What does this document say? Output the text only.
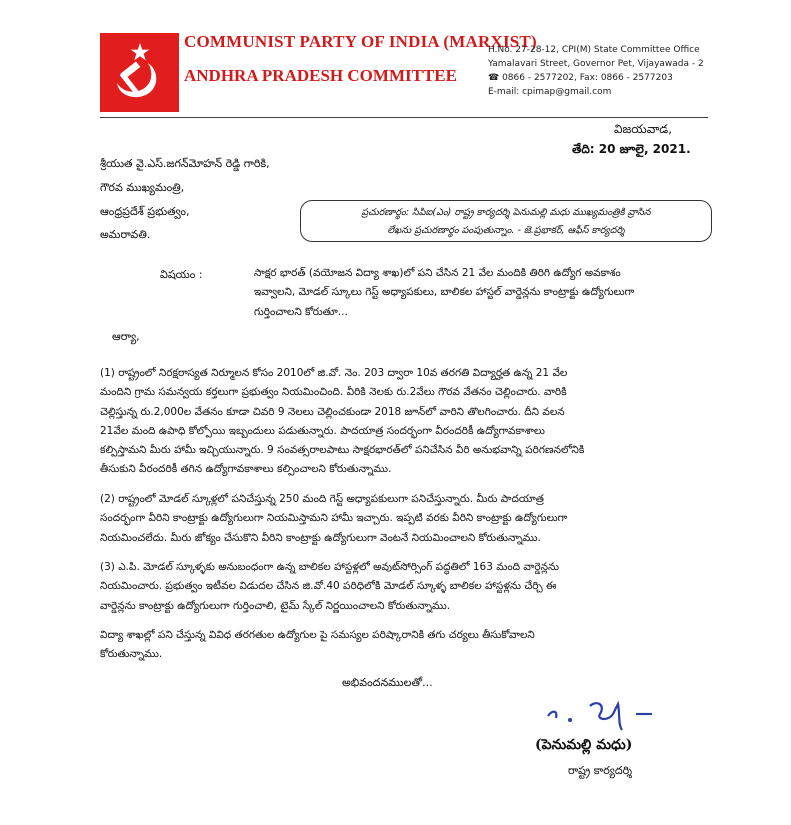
COMMUNIST PARTY OF INDIA (MARXIST)
ANDHRA PRADESH COMMITTEE
H.No. 27-28-12, CPI(M) State Committee Office
Yamalavari Street, Governor Pet, Vijayawada - 2
☎ 0866 - 2577202, Fax: 0866 - 2577203
E-mail: cpimap@gmail.com
విజయవాడ,
తేది: 20 జూలై, 2021.
శ్రీయుత వై.ఎస్.జగన్‌మోహన్ రెడ్డి గారికి,
గౌరవ ముఖ్యమంత్రి,
ఆంధ్రప్రదేశ్ ప్రభుత్వం,
అమరావతి.
ప్రచురణార్థం: సిపిఐ(ఎం) రాష్ట్ర కార్యదర్శి పెనుమల్లి మధు ముఖ్యమంత్రికి వ్రాసిన
లేఖను ప్రచురణార్థం పంపుతున్నాం. - జె.ప్రభాకర్, ఆఫీస్ కార్యదర్శి
విషయం :	సాక్షర భారత్ (వయోజన విద్యా శాఖ)లో పని చేసిన 21 వేల మందికి తిరిగి ఉద్యోగ అవకాశం
ఇవ్వాలని, మోడల్ స్కూలు గెస్ట్ అధ్యాపకులు, బాలికల హాస్టల్ వార్డెన్లను కాంట్రాక్టు ఉద్యోగులుగా
గుర్తించాలని కోరుతూ...
ఆర్యా,
(1) రాష్ట్రంలో నిరక్షరాస్యత నిర్మూలన కోసం 2010లో జి.వో. నెం. 203 ద్వారా 10వ తరగతి విద్యార్హత ఉన్న 21 వేల
మందిని గ్రామ సమన్వయ కర్తలుగా ప్రభుత్వం నియమించింది. వీరికి నెలకు రు.2వేలు గౌరవ వేతనం చెల్లించారు. వారికి
చెల్లిస్తున్న రు.2,000ల వేతనం కూడా చివరి 9 నెలలు చెల్లించకుండా 2018 జూన్‌లో వారిని తొలగించారు. దీని వలన
21వేల మంది ఉపాధి కోల్పోయి ఇబ్బందులు పడుతున్నారు. పాదయాత్ర సందర్భంగా వీరందరికీ ఉద్యోగావకాశాలు
కల్పిస్తామని మీరు హామీ ఇచ్చియున్నారు. 9 సంవత్సరాలపాటు సాక్షరభారత్‌లో పనిచేసిన వీరి అనుభవాన్ని పరిగణనలోనికి
తీసుకుని వీరందరికీ తగిన ఉద్యోగావకాశాలు కల్పించాలని కోరుతున్నాము.
(2) రాష్ట్రంలో మోడల్ స్కూళ్లలో పనిచేస్తున్న 250 మంది గెస్ట్ అధ్యాపకులుగా పనిచేస్తున్నారు. మీరు పాదయాత్ర
సందర్భంగా వీరిని కాంట్రాక్టు ఉద్యోగులుగా నియమిస్తామని హామీ ఇచ్చారు. ఇప్పటి వరకు వీరిని కాంట్రాక్టు ఉద్యోగులుగా
నియమించలేదు. మీరు జోక్యం చేసుకొని వీరిని కాంట్రాక్టు ఉద్యోగులుగా వెంటనే నియమించాలని కోరుతున్నాము.
(3) ఎ.పి. మోడల్ స్కూళ్ళకు అనుబంధంగా ఉన్న బాలికల హాస్టళ్లలో అవుట్‌సోర్సింగ్ పద్ధతిలో 163 మంది వార్డెన్లను
నియమించారు. ప్రభుత్వం ఇటీవల విడుదల చేసిన జి.వో.40 పరిధిలోకి మోడల్ స్కూళ్ళ బాలికల హాస్టళ్లను చేర్చి ఈ
వార్డెన్లను కాంట్రాక్టు ఉద్యోగులుగా గుర్తించాలి, టైమ్ స్కేల్ నిర్ణయించాలని కోరుతున్నాము.
విద్యా శాఖల్లో పని చేస్తున్న వివిధ తరగతుల ఉద్యోగుల పై సమస్యల పరిష్కారానికి తగు చర్యలు తీసుకోవాలని
కోరుతున్నాము.
అభివందనములతో...
(పెనుమల్లి మధు)
రాష్ట్ర కార్యదర్శి
